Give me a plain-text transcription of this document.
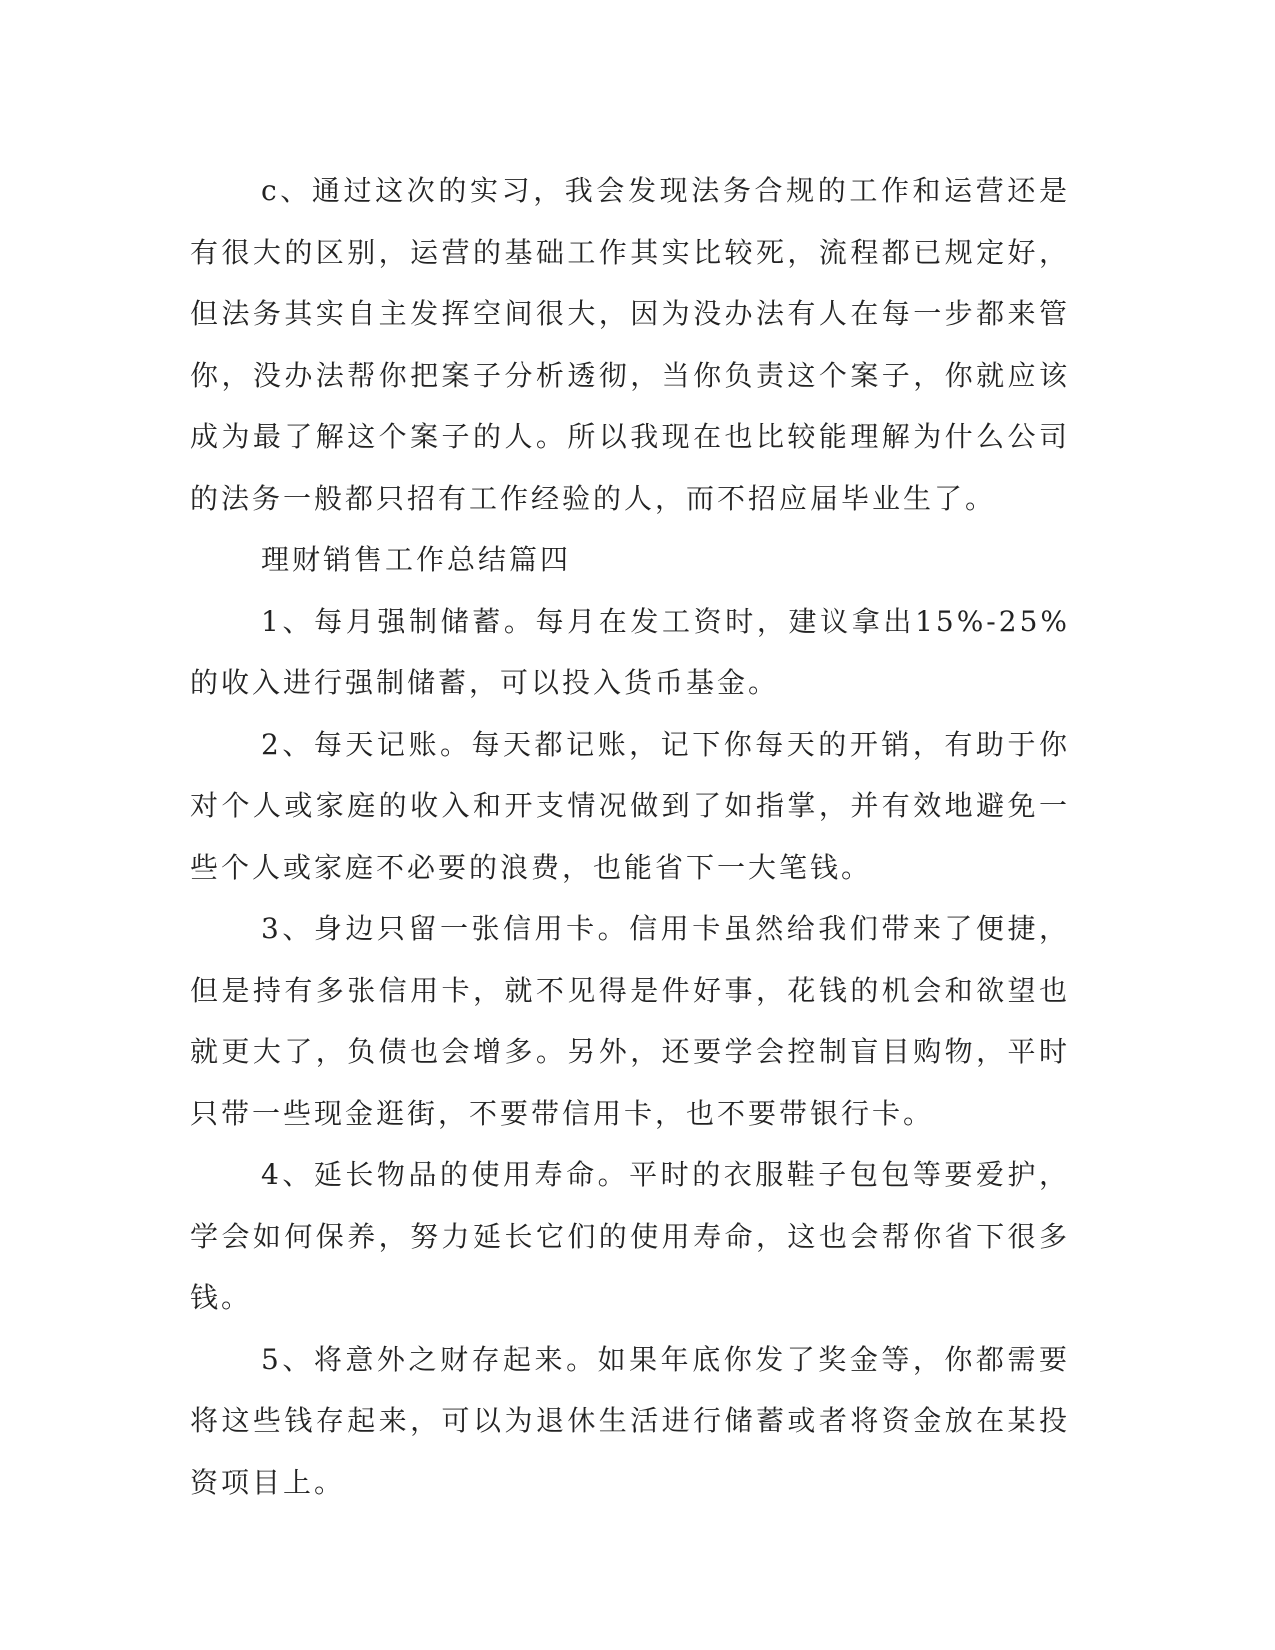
c、通过这次的实习，我会发现法务合规的工作和运营还是有很大的区别，运营的基础工作其实比较死，流程都已规定好，但法务其实自主发挥空间很大，因为没办法有人在每一步都来管你，没办法帮你把案子分析透彻，当你负责这个案子，你就应该成为最了解这个案子的人。所以我现在也比较能理解为什么公司的法务一般都只招有工作经验的人，而不招应届毕业生了。

理财销售工作总结篇四

1、每月强制储蓄。每月在发工资时，建议拿出15%-25%的收入进行强制储蓄，可以投入货币基金。

2、每天记账。每天都记账，记下你每天的开销，有助于你对个人或家庭的收入和开支情况做到了如指掌，并有效地避免一些个人或家庭不必要的浪费，也能省下一大笔钱。

3、身边只留一张信用卡。信用卡虽然给我们带来了便捷，但是持有多张信用卡，就不见得是件好事，花钱的机会和欲望也就更大了，负债也会增多。另外，还要学会控制盲目购物，平时只带一些现金逛街，不要带信用卡，也不要带银行卡。

4、延长物品的使用寿命。平时的衣服鞋子包包等要爱护，学会如何保养，努力延长它们的使用寿命，这也会帮你省下很多钱。

5、将意外之财存起来。如果年底你发了奖金等，你都需要将这些钱存起来，可以为退休生活进行储蓄或者将资金放在某投资项目上。
